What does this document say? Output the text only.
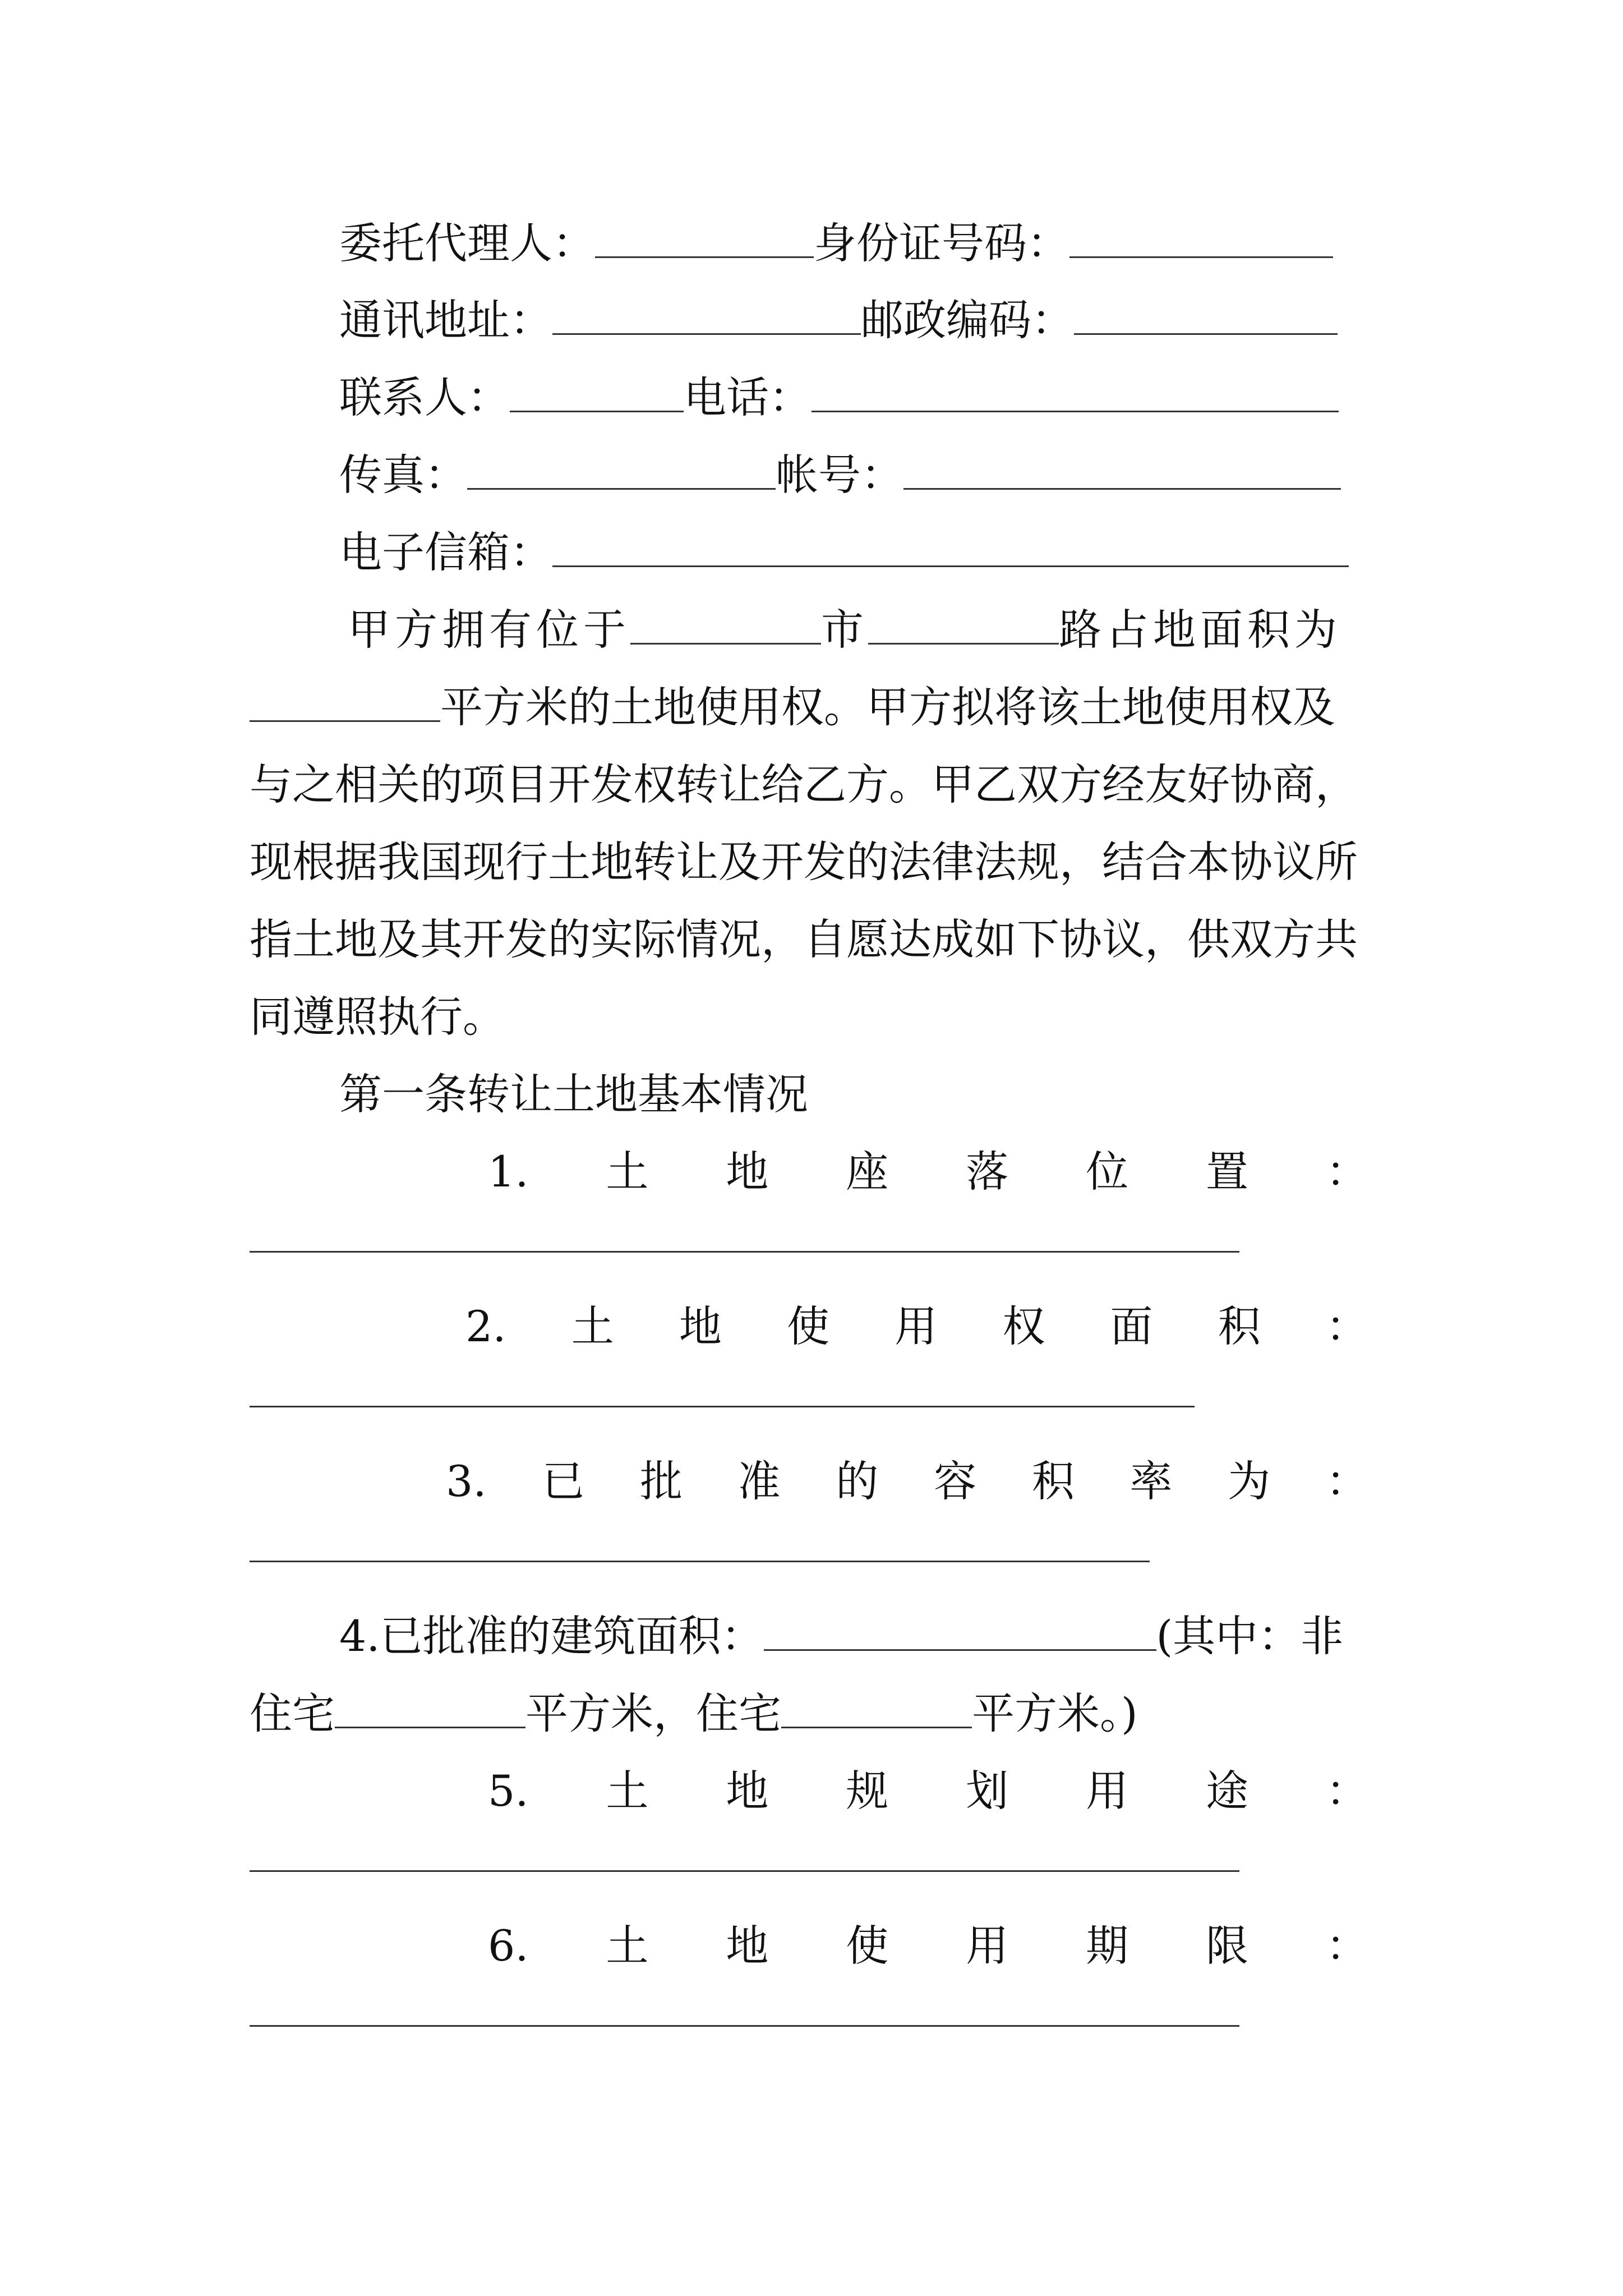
委托代理人：	身份证号码：
通讯地址：	邮政编码：
联系人：	电话：
传真：	帐号：
电子信箱：
甲方拥有位于	市	路占地面积为
平方米的土地使用权。甲方拟将该土地使用权及
与之相关的项目开发权转让给乙方。甲乙双方经友好协商，
现根据我国现行土地转让及开发的法律法规，结合本协议所
指土地及其开发的实际情况，自愿达成如下协议，供双方共
同遵照执行。
第一条转让土地基本情况
1. 土 地 座 落 位 置 ：
2. 土 地 使 用 权 面 积 ：
3. 已 批 准 的 容 积 率 为 ：
4.已批准的建筑面积：	(其中：非
住宅	平方米，住宅	平方米。)
5. 土 地 规 划 用 途 ：
6. 土 地 使 用 期 限 ：
